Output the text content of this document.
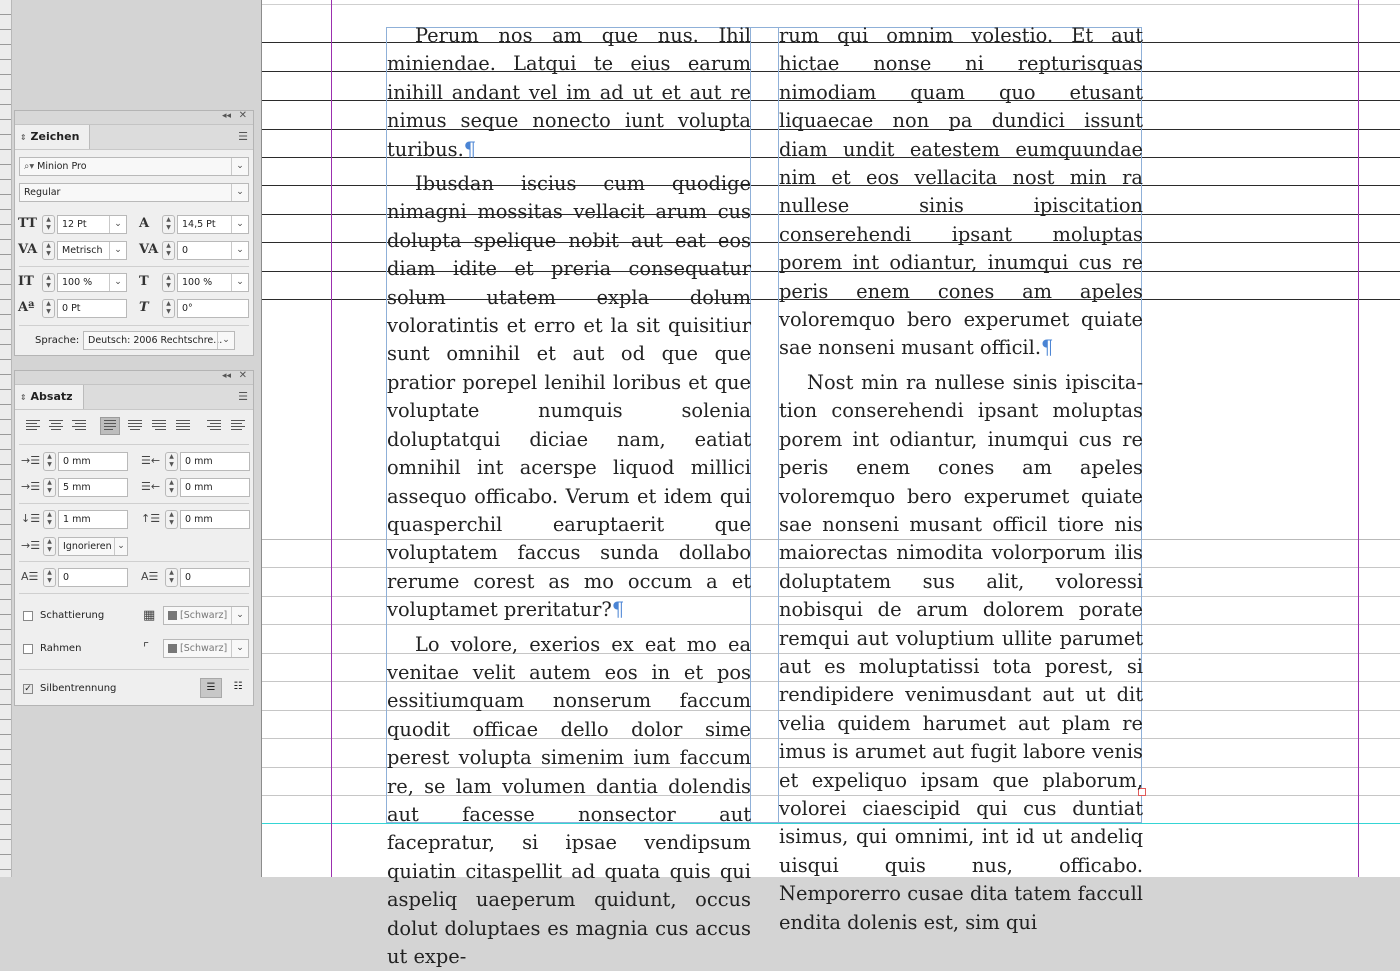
Perum nos am que nus. Ihil miniendae. Latqui te eius earum inihill andant vel im ad ut et aut re nimus seque nonecto iunt volupta turibus.¶

Ibusdan iscius cum quodige nimagni mossitas vellacit arum cus dolupta spelique nobit aut eat eos diam idite et preria consequatur solum utatem expla dolum voloratintis et erro et la sit quisitiur sunt omnihil et aut od que que pratior porepel lenihil loribus et que voluptate numquis solenia doluptatqui diciae nam, eatiat omnihil int acerspe liquod millici assequo officabo. Verum et idem qui quasperchil earuptaerit que voluptatem faccus sunda dollabo rerume corest as mo occum a et voluptamet preritatur?¶

Lo volore, exerios ex eat mo ea venitae velit autem eos in et pos essitiumquam nonserum faccum quodit officae dello dolor sime perest volupta simenim ium faccum re, se lam volumen dantia dolendis aut facesse nonsector aut facepratur, si ipsae vendipsum quiatin citaspellit ad quata quis qui aspeliq uaeperum quidunt, occus dolut doluptaes es magnia cus accus ut expe-

rum qui omnim volestio. Et aut hictae nonse ni repturisquas nimodiam quam quo etusant liquaecae non pa dundici issunt diam undit eatestem eumquundae nim et eos vellacita nost min ra nullese sinis ipiscitation conserehendi ipsant moluptas porem int odiantur, inumqui cus re peris enem cones am apeles voloremquo bero experumet quiate sae nonseni musant officil.¶

Nost min ra nullese sinis ipiscitation conserehendi ipsant moluptas porem int odiantur, inumqui cus re peris enem cones am apeles voloremquo bero experumet quiate sae nonseni musant officil tiore nis maiorectas nimodita volorporum ilis doluptatem sus alit, voloressi nobisqui de arum dolorem porate remqui aut voluptium ullite parumet aut es moluptatissi tota porest, si rendipidere venimusdant aut ut dit velia quidem harumet aut plam re imus is arumet aut fugit labore venis et expeliquo ipsam que plaborum, volorei ciaescipid qui cus duntiat isimus, qui omnimi, int id ut andeliq uisqui quis nus, officabo. Nemporerro cusae dita tatem faccull endita dolenis est, sim qui

◂◂ ✕
⇕ Zeichen	☰
⌕▾ Minion Pro	⌄
Regular	⌄
TT	▲
▼	12 Pt	⌄	A	▲
▼	14,5 Pt	⌄
VA	▲
▼	Metrisch	⌄	VA	▲
▼	0	⌄
IT	▲
▼	100 %	⌄	T	▲
▼	100 %	⌄
Aª	▲
▼	0 Pt	T	▲
▼	0°
Sprache: Deutsch: 2006 Rechtschre... ⌄
◂◂ ✕
⇕ Absatz	☰
→☰	▲
▼	0 mm	☰←	▲
▼	0 mm
→☰	▲
▼	5 mm	☰←	▲
▼	0 mm
↓☰	▲
▼	1 mm	↑☰	▲
▼	0 mm
→☰	▲
▼	Ignorieren ⌄
A☰	▲
▼	0	A☰	▲
▼	0
Schattierung	▦	[Schwarz]	⌄
Rahmen	⌜	[Schwarz]	⌄
✓ Silbentrennung	☰	☷
